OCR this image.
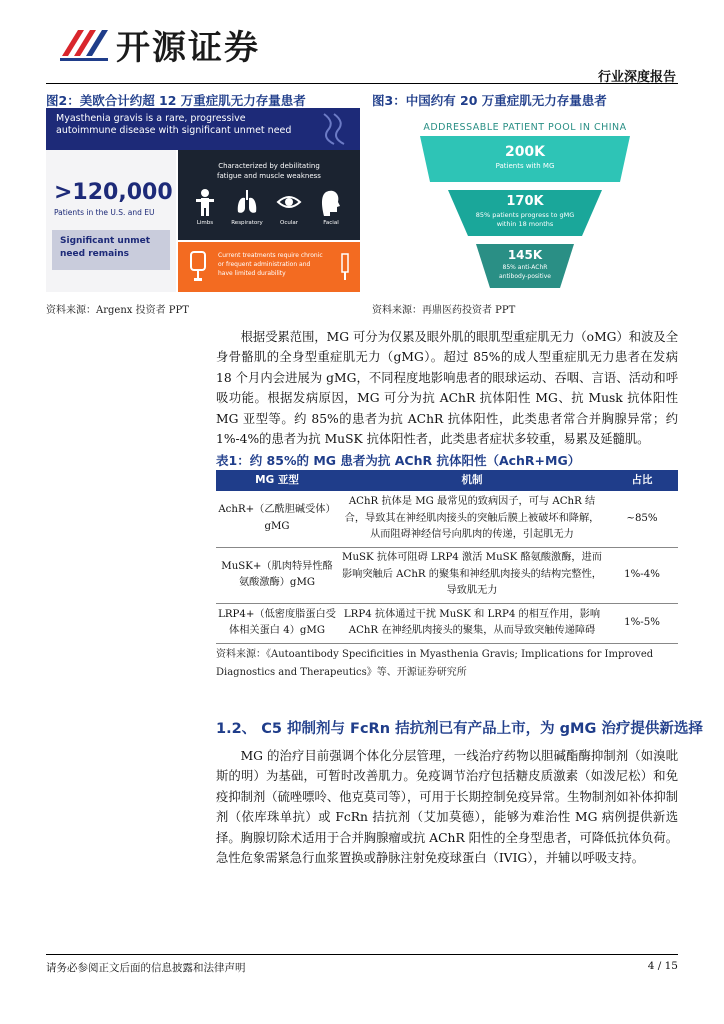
开源证券
行业深度报告
图2：美欧合计约超 12 万重症肌无力存量患者
Myasthenia gravis is a rare, progressive
autoimmune disease with significant unmet need
>120,000
Patients in the U.S. and EU
Significant unmet
need remains
Characterized by debilitating
fatigue and muscle weakness
Limbs	Respiratory	Ocular	Facial
Current treatments require chronic
or frequent administration and
have limited durability
资料来源：Argenx 投资者 PPT
图3：中国约有 20 万重症肌无力存量患者
ADDRESSABLE PATIENT POOL IN CHINA
200K
Patients with MG
170K
85% patients progress to gMG
within 18 months
145K
85% anti-AChR
antibody-positive
资料来源：再鼎医药投资者 PPT

根据受累范围，MG 可分为仅累及眼外肌的眼肌型重症肌无力（oMG）和波及全身骨骼肌的全身型重症肌无力（gMG）。超过 85%的成人型重症肌无力患者在发病 18 个月内会进展为 gMG，不同程度地影响患者的眼球运动、吞咽、言语、活动和呼吸功能。根据发病原因，MG 可分为抗 AChR 抗体阳性 MG、抗 Musk 抗体阳性 MG 亚型等。约 85%的患者为抗 AChR 抗体阳性，此类患者常合并胸腺异常；约 1%-4%的患者为抗 MuSK 抗体阳性者，此类患者症状多较重，易累及延髓肌。

表1：约 85%的 MG 患者为抗 AChR 抗体阳性（AchR+MG）
MG 亚型	机制	占比
AchR+（乙酰胆碱受体）gMG	AChR 抗体是 MG 最常见的致病因子，可与 AChR 结合，导致其在神经肌肉接头的突触后膜上被破坏和降解，从而阻碍神经信号向肌肉的传递，引起肌无力	~85%
MuSK+（肌肉特异性酪氨酸激酶）gMG	MuSK 抗体可阻碍 LRP4 激活 MuSK 酪氨酸激酶，进而影响突触后 AChR 的聚集和神经肌肉接头的结构完整性，导致肌无力	1%-4%
LRP4+（低密度脂蛋白受体相关蛋白 4）gMG	LRP4 抗体通过干扰 MuSK 和 LRP4 的相互作用，影响 AChR 在神经肌肉接头的聚集，从而导致突触传递障碍	1%-5%
资料来源：《Autoantibody Specificities in Myasthenia Gravis; Implications for Improved Diagnostics and Therapeutics》等、开源证券研究所
1.2、 C5 抑制剂与 FcRn 拮抗剂已有产品上市，为 gMG 治疗提供新选择

MG 的治疗目前强调个体化分层管理，一线治疗药物以胆碱酯酶抑制剂（如溴吡斯的明）为基础，可暂时改善肌力。免疫调节治疗包括糖皮质激素（如泼尼松）和免疫抑制剂（硫唑嘌呤、他克莫司等），可用于长期控制免疫异常。生物制剂如补体抑制剂（依库珠单抗）或 FcRn 拮抗剂（艾加莫德），能够为难治性 MG 病例提供新选择。胸腺切除术适用于合并胸腺瘤或抗 AChR 阳性的全身型患者，可降低抗体负荷。急性危象需紧急行血浆置换或静脉注射免疫球蛋白（IVIG），并辅以呼吸支持。

请务必参阅正文后面的信息披露和法律声明	4 / 15
